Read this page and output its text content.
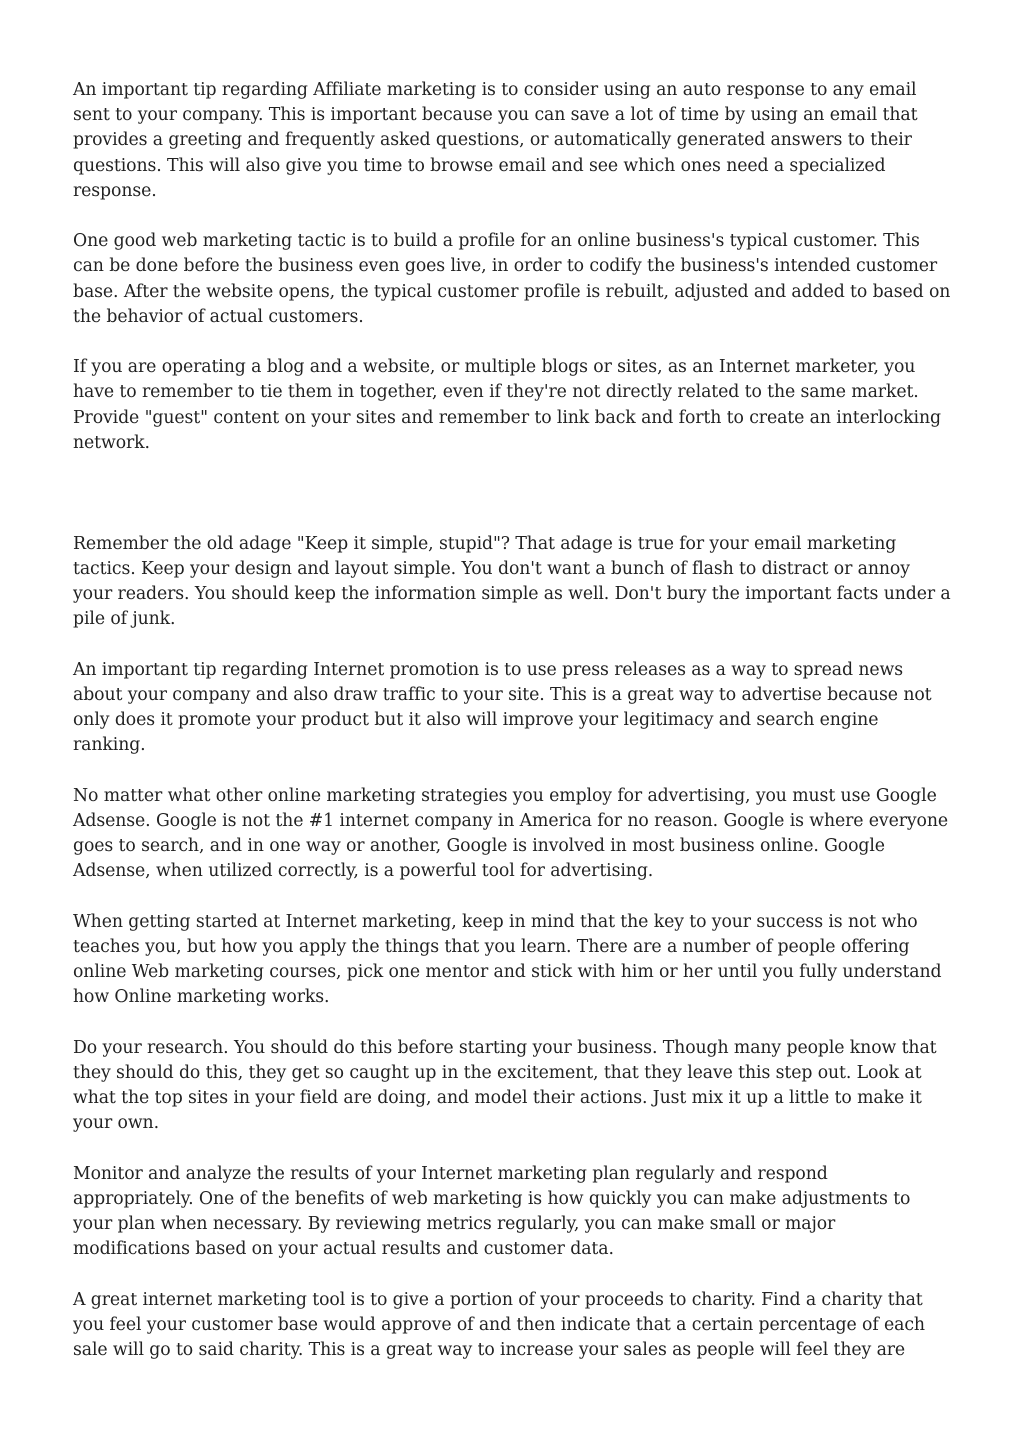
An important tip regarding Affiliate marketing is to consider using an auto response to any email sent to your company. This is important because you can save a lot of time by using an email that provides a greeting and frequently asked questions, or automatically generated answers to their questions. This will also give you time to browse email and see which ones need a specialized response.

One good web marketing tactic is to build a profile for an online business's typical customer. This can be done before the business even goes live, in order to codify the business's intended customer base. After the website opens, the typical customer profile is rebuilt, adjusted and added to based on the behavior of actual customers.

If you are operating a blog and a website, or multiple blogs or sites, as an Internet marketer, you have to remember to tie them in together, even if they're not directly related to the same market. Provide "guest" content on your sites and remember to link back and forth to create an interlocking network.

Remember the old adage "Keep it simple, stupid"? That adage is true for your email marketing tactics. Keep your design and layout simple. You don't want a bunch of flash to distract or annoy your readers. You should keep the information simple as well. Don't bury the important facts under a pile of junk.

An important tip regarding Internet promotion is to use press releases as a way to spread news about your company and also draw traffic to your site. This is a great way to advertise because not only does it promote your product but it also will improve your legitimacy and search engine ranking.

No matter what other online marketing strategies you employ for advertising, you must use Google Adsense. Google is not the #1 internet company in America for no reason. Google is where everyone goes to search, and in one way or another, Google is involved in most business online. Google Adsense, when utilized correctly, is a powerful tool for advertising.

When getting started at Internet marketing, keep in mind that the key to your success is not who teaches you, but how you apply the things that you learn. There are a number of people offering online Web marketing courses, pick one mentor and stick with him or her until you fully understand how Online marketing works.

Do your research. You should do this before starting your business. Though many people know that they should do this, they get so caught up in the excitement, that they leave this step out. Look at what the top sites in your field are doing, and model their actions. Just mix it up a little to make it your own.

Monitor and analyze the results of your Internet marketing plan regularly and respond appropriately. One of the benefits of web marketing is how quickly you can make adjustments to your plan when necessary. By reviewing metrics regularly, you can make small or major modifications based on your actual results and customer data.

A great internet marketing tool is to give a portion of your proceeds to charity. Find a charity that you feel your customer base would approve of and then indicate that a certain percentage of each sale will go to said charity. This is a great way to increase your sales as people will feel they are
